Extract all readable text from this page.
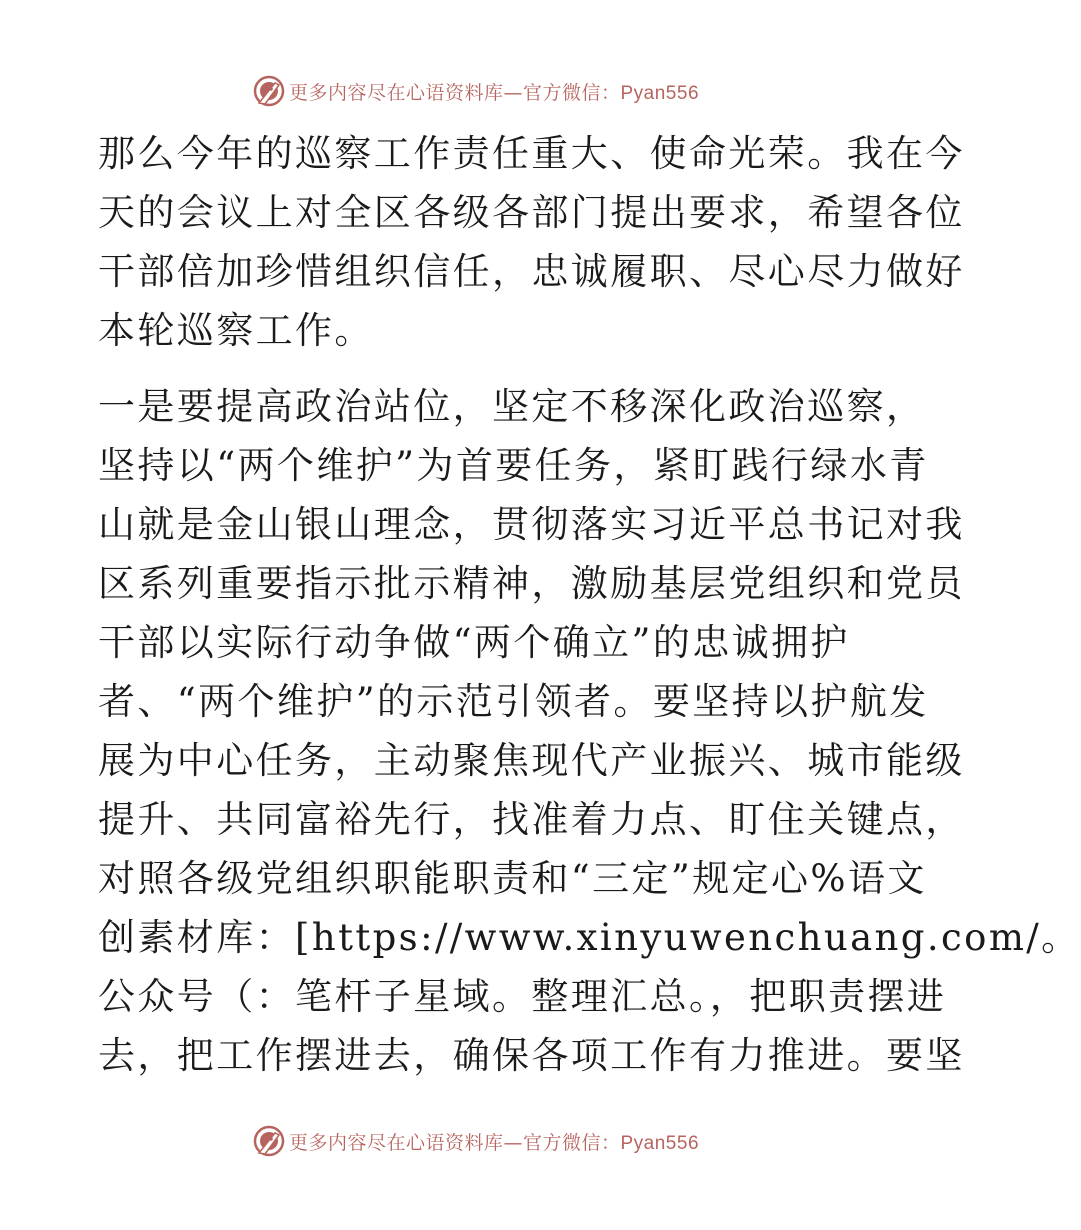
更多内容尽在心语资料库—官方微信：Pyan556

那么今年的巡察工作责任重大、使命光荣。我在今
天的会议上对全区各级各部门提出要求，希望各位
干部倍加珍惜组织信任，忠诚履职、尽心尽力做好
本轮巡察工作。

一是要提高政治站位，坚定不移深化政治巡察，
坚持以“两个维护”为首要任务，紧盯践行绿水青
山就是金山银山理念，贯彻落实习近平总书记对我
区系列重要指示批示精神，激励基层党组织和党员
干部以实际行动争做“两个确立”的忠诚拥护
者、“两个维护”的示范引领者。要坚持以护航发
展为中心任务，主动聚焦现代产业振兴、城市能级
提升、共同富裕先行，找准着力点、盯住关键点，
对照各级党组织职能职责和“三定”规定心%语文
创素材库：[https://www.xinyuwenchuang.com/。
公众号（：笔杆子星域。整理汇总。，把职责摆进
去，把工作摆进去，确保各项工作有力推进。要坚

更多内容尽在心语资料库—官方微信：Pyan556
